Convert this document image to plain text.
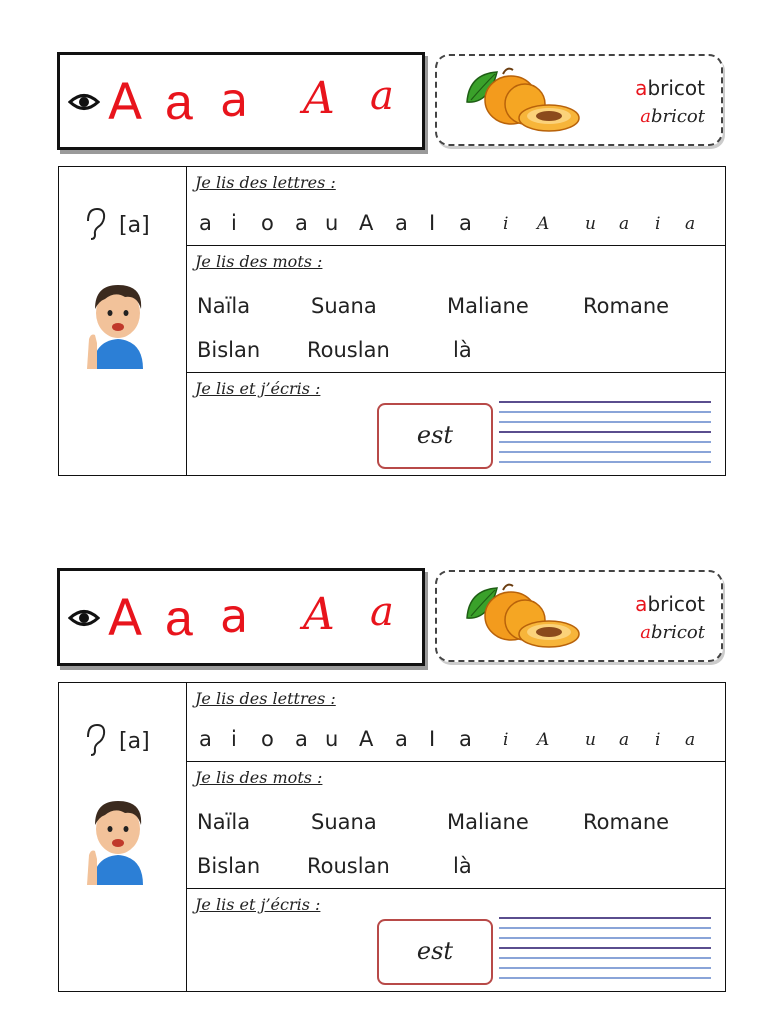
A a a A a	abricot
abricot
[a]
Je lis des lettres :
a i o a u A a I a i A u a i a
Je lis des mots :
Naïla	Suana	Maliane	Romane
Bislan Rouslan	là
Je lis et j’écris :
est
A a a A a	abricot
abricot
[a]
Je lis des lettres :
a i o a u A a I a i A u a i a
Je lis des mots :
Naïla	Suana	Maliane	Romane
Bislan Rouslan	là
Je lis et j’écris :
est
